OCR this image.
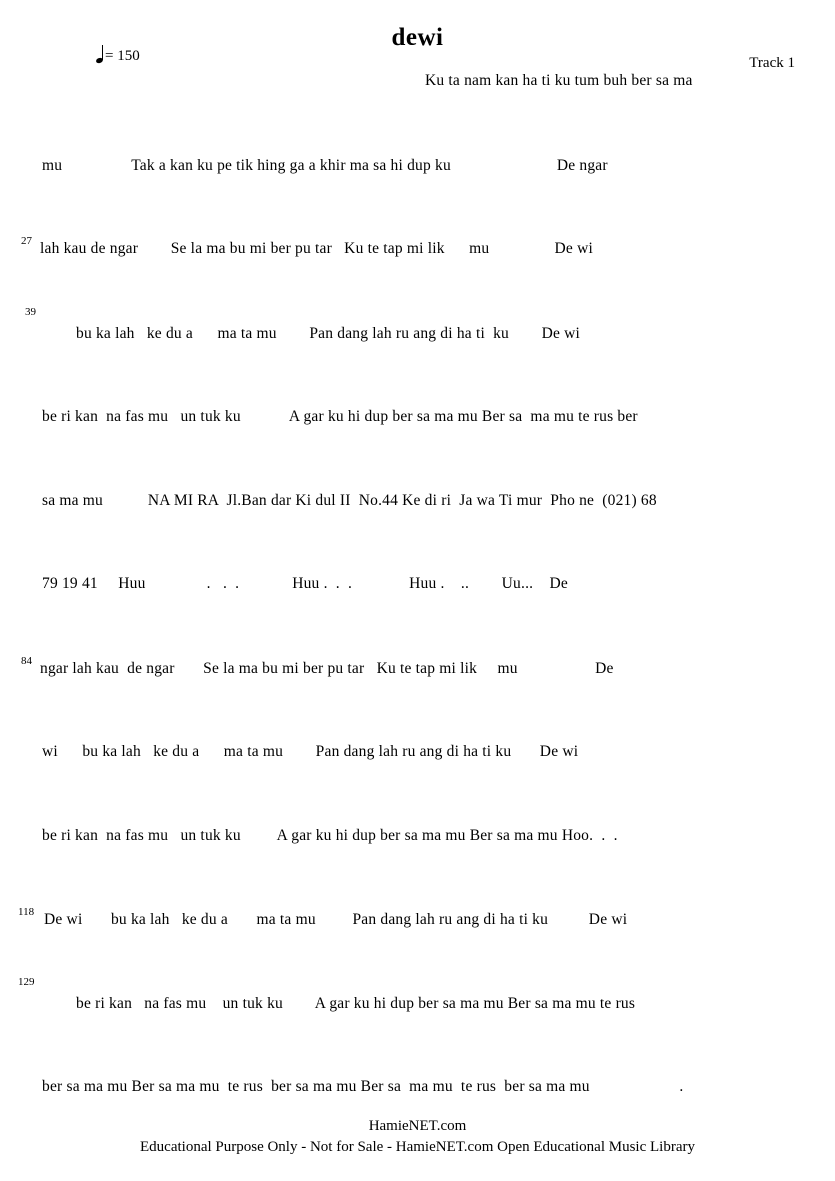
dewi
= 150	Track 1
Ku ta nam kan ha ti ku tum buh ber sa ma
mu                 Tak a kan ku pe tik hing ga a khir ma sa hi dup ku                          De ngar
27 lah kau de ngar        Se la ma bu mi ber pu tar   Ku te tap mi lik      mu                De wi
39
bu ka lah   ke du a      ma ta mu        Pan dang lah ru ang di ha ti  ku        De wi
be ri kan  na fas mu   un tuk ku            A gar ku hi dup ber sa ma mu Ber sa  ma mu te rus ber
sa ma mu           NA MI RA  Jl.Ban dar Ki dul II  No.44 Ke di ri  Ja wa Ti mur  Pho ne  (021) 68
79 19 41     Huu               .   .  .             Huu .  .  .              Huu .    ..        Uu...    De
84 ngar lah kau  de ngar       Se la ma bu mi ber pu tar   Ku te tap mi lik     mu                   De
wi      bu ka lah   ke du a      ma ta mu        Pan dang lah ru ang di ha ti ku       De wi
be ri kan  na fas mu   un tuk ku         A gar ku hi dup ber sa ma mu Ber sa ma mu Hoo.  .  .
118 De wi       bu ka lah   ke du a       ma ta mu         Pan dang lah ru ang di ha ti ku          De wi
129
be ri kan   na fas mu    un tuk ku        A gar ku hi dup ber sa ma mu Ber sa ma mu te rus
ber sa ma mu Ber sa ma mu  te rus  ber sa ma mu Ber sa  ma mu  te rus  ber sa ma mu                      .
HamieNET.com
Educational Purpose Only - Not for Sale - HamieNET.com Open Educational Music Library
